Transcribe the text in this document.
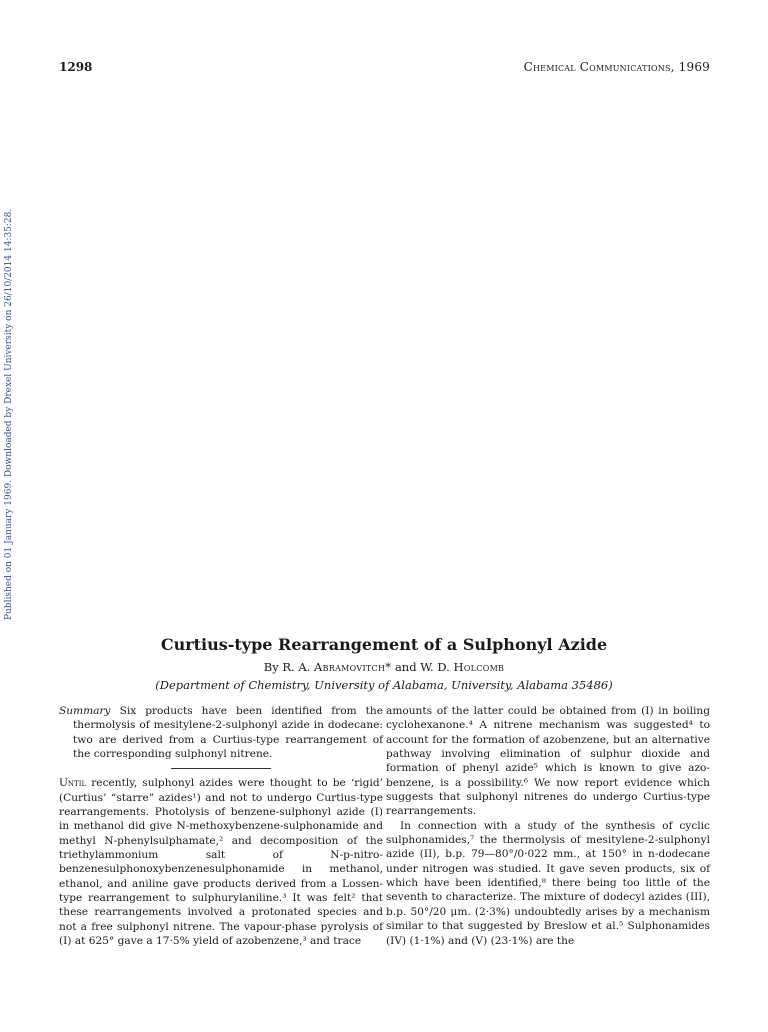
1298	Chemical Communications, 1969
Published on 01 January 1969. Downloaded by Drexel University on 26/10/2014 14:35:28.
Curtius-type Rearrangement of a Sulphonyl Azide
By R. A. Abramovitch* and W. D. Holcomb
(Department of Chemistry, University of Alabama, University, Alabama 35486)

Summary Six products have been identified from the thermolysis of mesitylene-2-sulphonyl azide in dodecane: two are derived from a Curtius-type rearrangement of the corresponding sulphonyl nitrene.

Until recently, sulphonyl azides were thought to be ‘rigid’ (Curtius’ “starre” azides¹) and not to undergo Curtius-type rearrangements. Photolysis of benzene-sulphonyl azide (I) in methanol did give N-methoxybenzene-sulphonamide and methyl N-phenylsulphamate,² and decomposition of the triethylammonium salt of N-p-nitro-benzenesulphonoxybenzenesulphonamide in methanol, ethanol, and aniline gave products derived from a Lossen-type rearrangement to sulphurylaniline.³ It was felt² that these rearrangements involved a protonated species and not a free sulphonyl nitrene. The vapour-phase pyrolysis of (I) at 625° gave a 17·5% yield of azobenzene,³ and trace

amounts of the latter could be obtained from (I) in boiling cyclohexanone.⁴ A nitrene mechanism was suggested⁴ to account for the formation of azobenzene, but an alternative pathway involving elimination of sulphur dioxide and formation of phenyl azide⁵ which is known to give azo-benzene, is a possibility.⁶ We now report evidence which suggests that sulphonyl nitrenes do undergo Curtius-type rearrangements.

In connection with a study of the synthesis of cyclic sulphonamides,⁷ the thermolysis of mesitylene-2-sulphonyl azide (II), b.p. 79—80°/0·022 mm., at 150° in n-dodecane under nitrogen was studied. It gave seven products, six of which have been identified,⁸ there being too little of the seventh to characterize. The mixture of dodecyl azides (III), b.p. 50°/20 μm. (2·3%) undoubtedly arises by a mechanism similar to that suggested by Breslow et al.⁵ Sulphonamides (IV) (1·1%) and (V) (23·1%) are the
